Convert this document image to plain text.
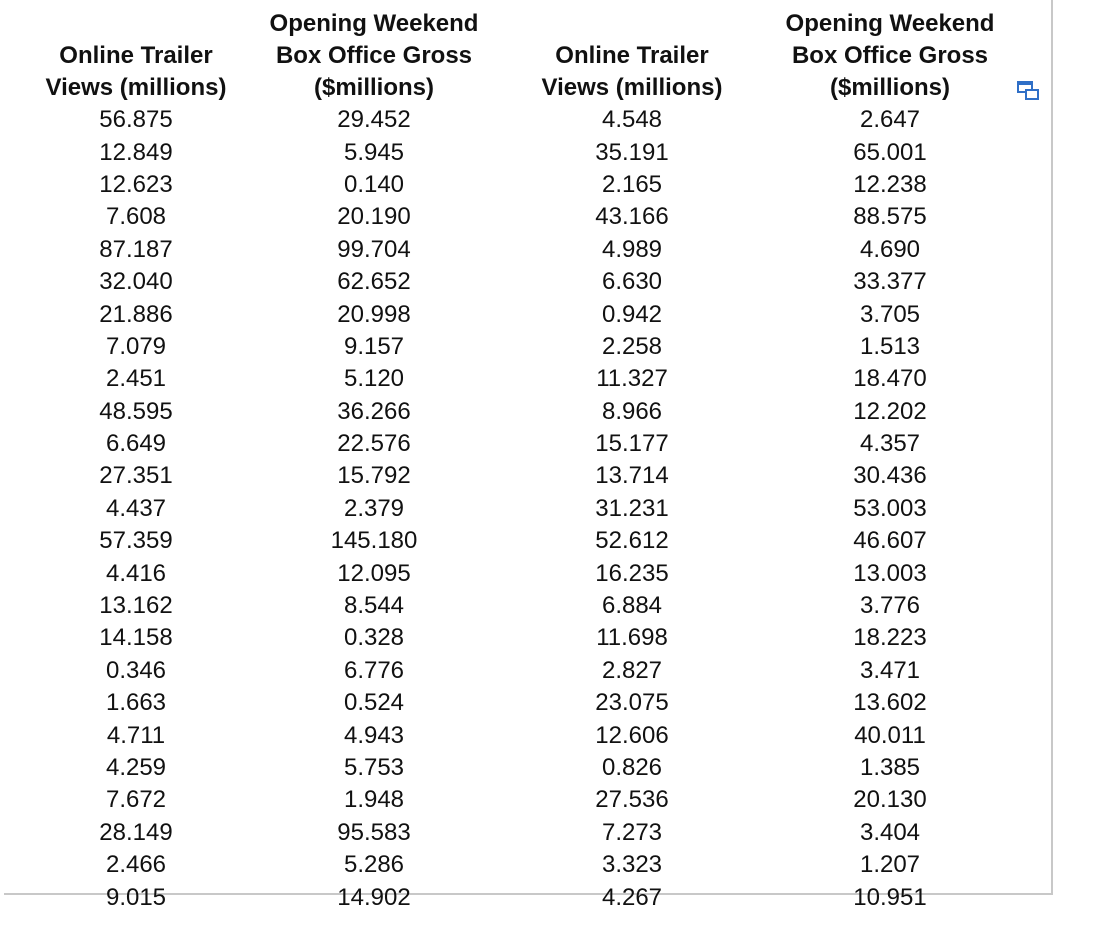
Online Trailer
Views (millions)	Opening Weekend
Box Office Gross
($millions)	Online Trailer
Views (millions)	Opening Weekend
Box Office Gross
($millions)

56.875	29.452	4.548	2.647
12.849	5.945	35.191	65.001
12.623	0.140	2.165	12.238
7.608	20.190	43.166	88.575
87.187	99.704	4.989	4.690
32.040	62.652	6.630	33.377
21.886	20.998	0.942	3.705
7.079	9.157	2.258	1.513
2.451	5.120	11.327	18.470
48.595	36.266	8.966	12.202
6.649	22.576	15.177	4.357
27.351	15.792	13.714	30.436
4.437	2.379	31.231	53.003
57.359	145.180	52.612	46.607
4.416	12.095	16.235	13.003
13.162	8.544	6.884	3.776
14.158	0.328	11.698	18.223
0.346	6.776	2.827	3.471
1.663	0.524	23.075	13.602
4.711	4.943	12.606	40.011
4.259	5.753	0.826	1.385
7.672	1.948	27.536	20.130
28.149	95.583	7.273	3.404
2.466	5.286	3.323	1.207
9.015	14.902	4.267	10.951
